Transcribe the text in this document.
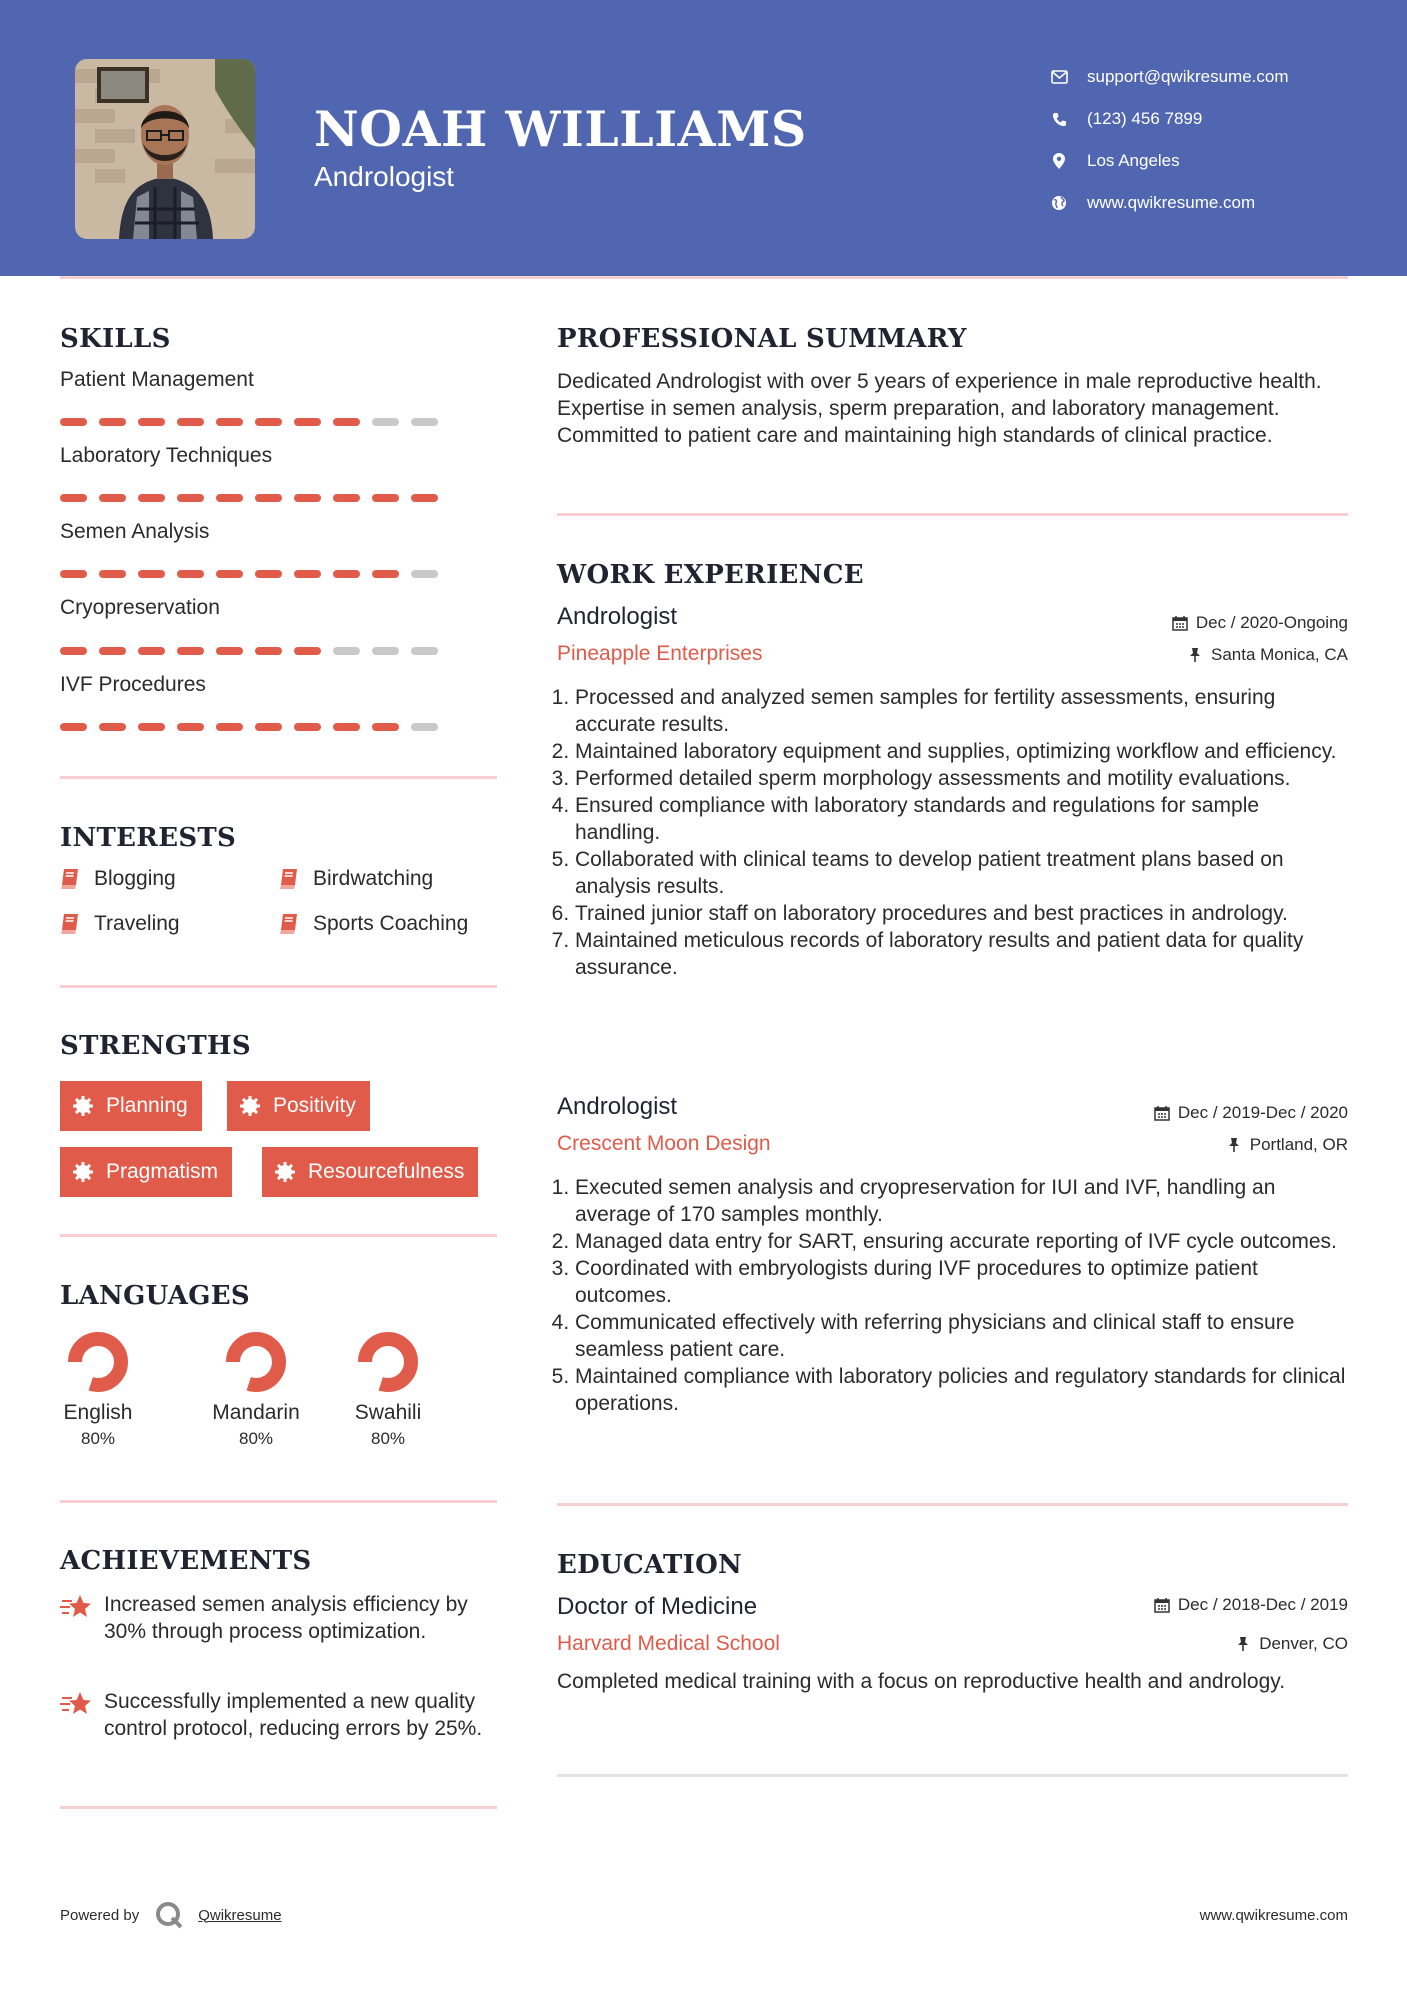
NOAH WILLIAMS
Andrologist
support@qwikresume.com
(123) 456 7899
Los Angeles
www.qwikresume.com
SKILLS
Patient Management
Laboratory Techniques
Semen Analysis
Cryopreservation
IVF Procedures
INTERESTS
Blogging	Birdwatching
Traveling	Sports Coaching
STRENGTHS
Planning	Positivity
Pragmatism	Resourcefulness
LANGUAGES
English
80%
Mandarin
80%
Swahili
80%
ACHIEVEMENTS
Increased semen analysis efficiency by 30% through process optimization.
Successfully implemented a new quality control protocol, reducing errors by 25%.
PROFESSIONAL SUMMARY
Dedicated Andrologist with over 5 years of experience in male reproductive health. Expertise in semen analysis, sperm preparation, and laboratory management. Committed to patient care and maintaining high standards of clinical practice.
WORK EXPERIENCE
Andrologist	Dec / 2020-Ongoing
Pineapple Enterprises	Santa Monica, CA
1. Processed and analyzed semen samples for fertility assessments, ensuring accurate results.
2. Maintained laboratory equipment and supplies, optimizing workflow and efficiency.
3. Performed detailed sperm morphology assessments and motility evaluations.
4. Ensured compliance with laboratory standards and regulations for sample handling.
5. Collaborated with clinical teams to develop patient treatment plans based on analysis results.
6. Trained junior staff on laboratory procedures and best practices in andrology.
7. Maintained meticulous records of laboratory results and patient data for quality assurance.
Andrologist	Dec / 2019-Dec / 2020
Crescent Moon Design	Portland, OR
1. Executed semen analysis and cryopreservation for IUI and IVF, handling an average of 170 samples monthly.
2. Managed data entry for SART, ensuring accurate reporting of IVF cycle outcomes.
3. Coordinated with embryologists during IVF procedures to optimize patient outcomes.
4. Communicated effectively with referring physicians and clinical staff to ensure seamless patient care.
5. Maintained compliance with laboratory policies and regulatory standards for clinical operations.
EDUCATION
Doctor of Medicine	Dec / 2018-Dec / 2019
Harvard Medical School	Denver, CO
Completed medical training with a focus on reproductive health and andrology.
Powered by	Qwikresume	www.qwikresume.com
